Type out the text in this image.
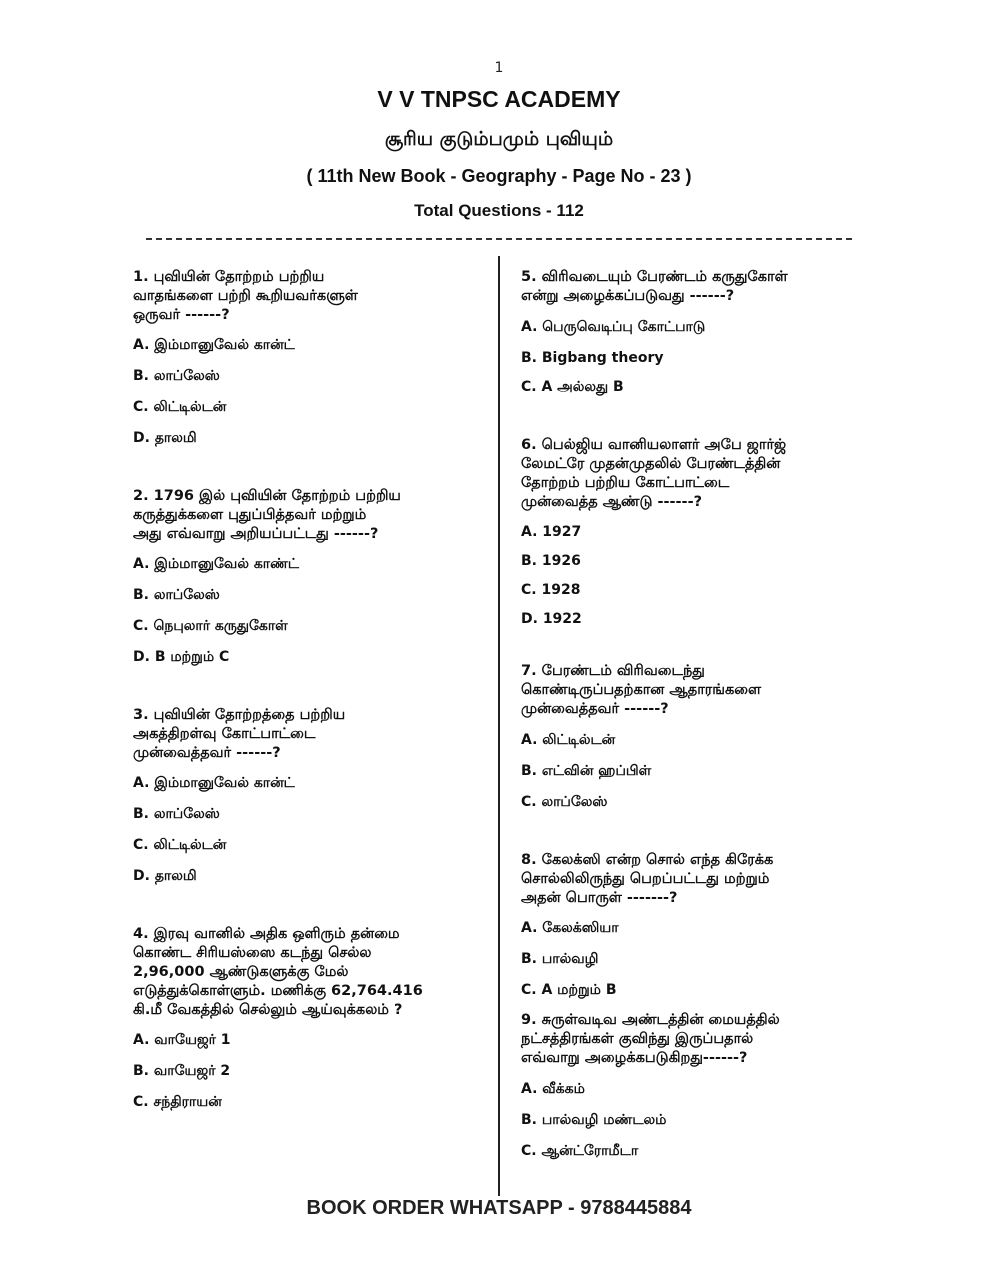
1
V V TNPSC ACADEMY
சூரிய குடும்பமும் புவியும்
( 11th New Book - Geography - Page No - 23 )
Total Questions - 112

1. புவியின் தோற்றம் பற்றிய
வாதங்களை பற்றி கூறியவர்களுள்
ஒருவர் ------?

A. இம்மானுவேல் கான்ட்

B. லாப்லேஸ்

C. லிட்டில்டன்

D. தாலமி

2. 1796 இல் புவியின் தோற்றம் பற்றிய
கருத்துக்களை புதுப்பித்தவர் மற்றும்
அது எவ்வாறு அறியப்பட்டது ------?

A. இம்மானுவேல் காண்ட்

B. லாப்லேஸ்

C. நெபுலார் கருதுகோள்

D. B மற்றும் C

3. புவியின் தோற்றத்தை பற்றிய
அகத்திறள்வு கோட்பாட்டை
முன்வைத்தவர் ------?

A. இம்மானுவேல் கான்ட்

B. லாப்லேஸ்

C. லிட்டில்டன்

D. தாலமி

4. இரவு வானில் அதிக ஒளிரும் தன்மை
கொண்ட சிரியஸ்ஸை கடந்து செல்ல
2,96,000 ஆண்டுகளுக்கு மேல்
எடுத்துக்கொள்ளும். மணிக்கு 62,764.416
கி.மீ வேகத்தில் செல்லும் ஆய்வுக்கலம் ?

A. வாயேஜர் 1

B. வாயேஜர் 2

C. சந்திராயன்

5. விரிவடையும் பேரண்டம் கருதுகோள்
என்று அழைக்கப்படுவது ------?

A. பெருவெடிப்பு கோட்பாடு

B. Bigbang theory

C. A அல்லது B

6. பெல்ஜிய வானியலாளர் அபே ஜார்ஜ்
லேமட்ரே முதன்முதலில் பேரண்டத்தின்
தோற்றம் பற்றிய கோட்பாட்டை
முன்வைத்த ஆண்டு ------?

A. 1927

B. 1926

C. 1928

D. 1922

7. பேரண்டம் விரிவடைந்து
கொண்டிருப்பதற்கான ஆதாரங்களை
முன்வைத்தவர் ------?

A. லிட்டில்டன்

B. எட்வின் ஹப்பிள்

C. லாப்லேஸ்

8. கேலக்ஸி என்ற சொல் எந்த கிரேக்க
சொல்லிலிருந்து பெறப்பட்டது மற்றும்
அதன் பொருள் -------?

A. கேலக்ஸியா

B. பால்வழி

C. A மற்றும் B

9. சுருள்வடிவ அண்டத்தின் மையத்தில்
நட்சத்திரங்கள் குவிந்து இருப்பதால்
எவ்வாறு அழைக்கபடுகிறது------?

A. வீக்கம்

B. பால்வழி மண்டலம்

C. ஆன்ட்ரோமீடா

BOOK ORDER WHATSAPP - 9788445884
